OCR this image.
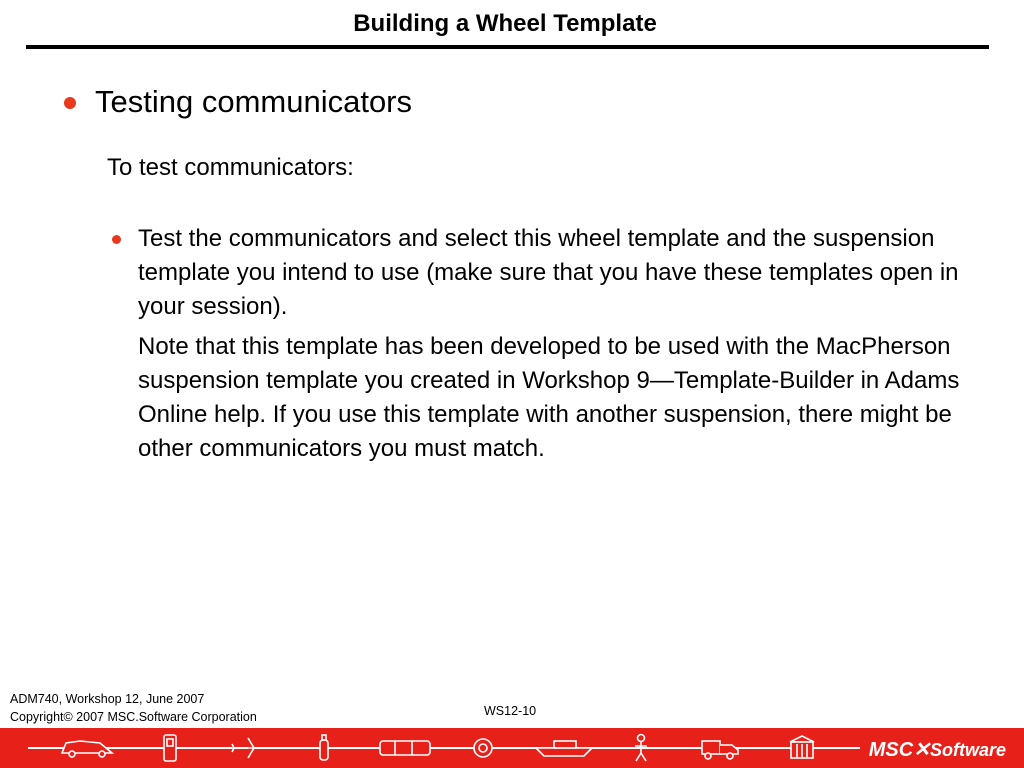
Building a Wheel Template
Testing communicators
To test communicators:

Test the communicators and select this wheel template and the suspension template you intend to use (make sure that you have these templates open in your session).

Note that this template has been developed to be used with the MacPherson suspension template you created in Workshop 9—Template-Builder in Adams Online help. If you use this template with another suspension, there might be other communicators you must match.

ADM740, Workshop 12, June 2007
Copyright© 2007 MSC.Software Corporation	WS12-10
MSC✕Software
